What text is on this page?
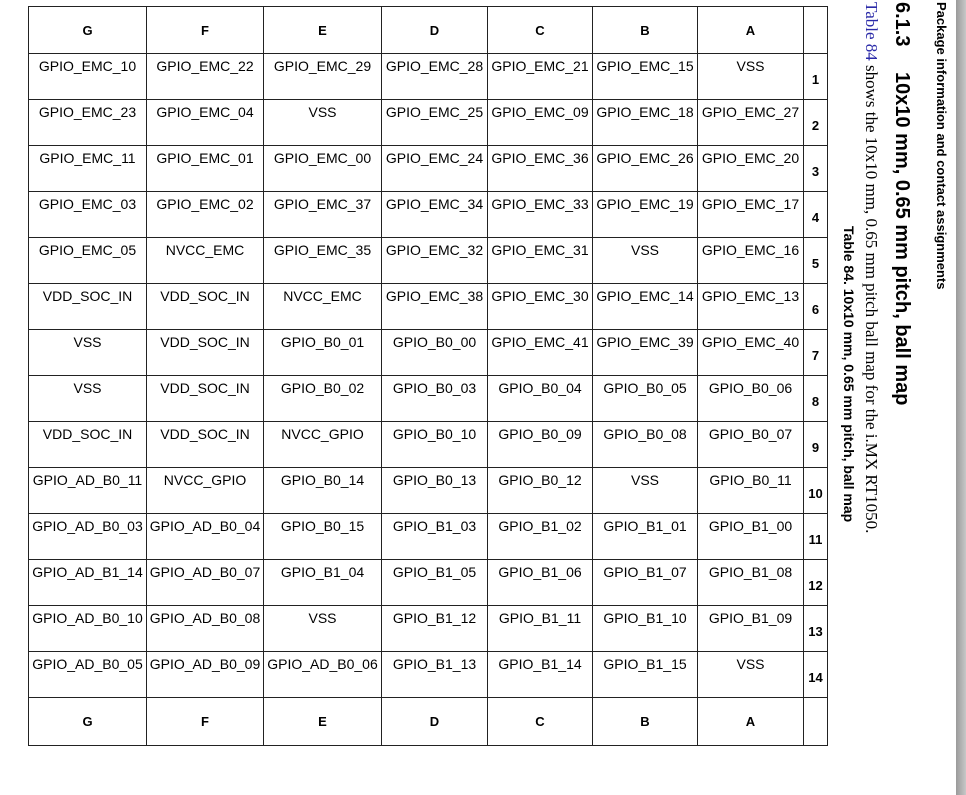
G	F	E	D	C	B	A	
GPIO_EMC_10	GPIO_EMC_22	GPIO_EMC_29	GPIO_EMC_28	GPIO_EMC_21	GPIO_EMC_15	VSS	1
GPIO_EMC_23	GPIO_EMC_04	VSS	GPIO_EMC_25	GPIO_EMC_09	GPIO_EMC_18	GPIO_EMC_27	2
GPIO_EMC_11	GPIO_EMC_01	GPIO_EMC_00	GPIO_EMC_24	GPIO_EMC_36	GPIO_EMC_26	GPIO_EMC_20	3
GPIO_EMC_03	GPIO_EMC_02	GPIO_EMC_37	GPIO_EMC_34	GPIO_EMC_33	GPIO_EMC_19	GPIO_EMC_17	4
GPIO_EMC_05	NVCC_EMC	GPIO_EMC_35	GPIO_EMC_32	GPIO_EMC_31	VSS	GPIO_EMC_16	5
VDD_SOC_IN	VDD_SOC_IN	NVCC_EMC	GPIO_EMC_38	GPIO_EMC_30	GPIO_EMC_14	GPIO_EMC_13	6
VSS	VDD_SOC_IN	GPIO_B0_01	GPIO_B0_00	GPIO_EMC_41	GPIO_EMC_39	GPIO_EMC_40	7
VSS	VDD_SOC_IN	GPIO_B0_02	GPIO_B0_03	GPIO_B0_04	GPIO_B0_05	GPIO_B0_06	8
VDD_SOC_IN	VDD_SOC_IN	NVCC_GPIO	GPIO_B0_10	GPIO_B0_09	GPIO_B0_08	GPIO_B0_07	9
GPIO_AD_B0_11	NVCC_GPIO	GPIO_B0_14	GPIO_B0_13	GPIO_B0_12	VSS	GPIO_B0_11	10
GPIO_AD_B0_03	GPIO_AD_B0_04	GPIO_B0_15	GPIO_B1_03	GPIO_B1_02	GPIO_B1_01	GPIO_B1_00	11
GPIO_AD_B1_14	GPIO_AD_B0_07	GPIO_B1_04	GPIO_B1_05	GPIO_B1_06	GPIO_B1_07	GPIO_B1_08	12
GPIO_AD_B0_10	GPIO_AD_B0_08	VSS	GPIO_B1_12	GPIO_B1_11	GPIO_B1_10	GPIO_B1_09	13
GPIO_AD_B0_05	GPIO_AD_B0_09	GPIO_AD_B0_06	GPIO_B1_13	GPIO_B1_14	GPIO_B1_15	VSS	14
G	F	E	D	C	B	A	
Package information and contact assignments
6.1.310x10 mm, 0.65 mm pitch, ball map
Table 84 shows the 10x10 mm, 0.65 mm pitch ball map for the i.MX RT1050.
Table 84. 10x10 mm, 0.65 mm pitch, ball map
